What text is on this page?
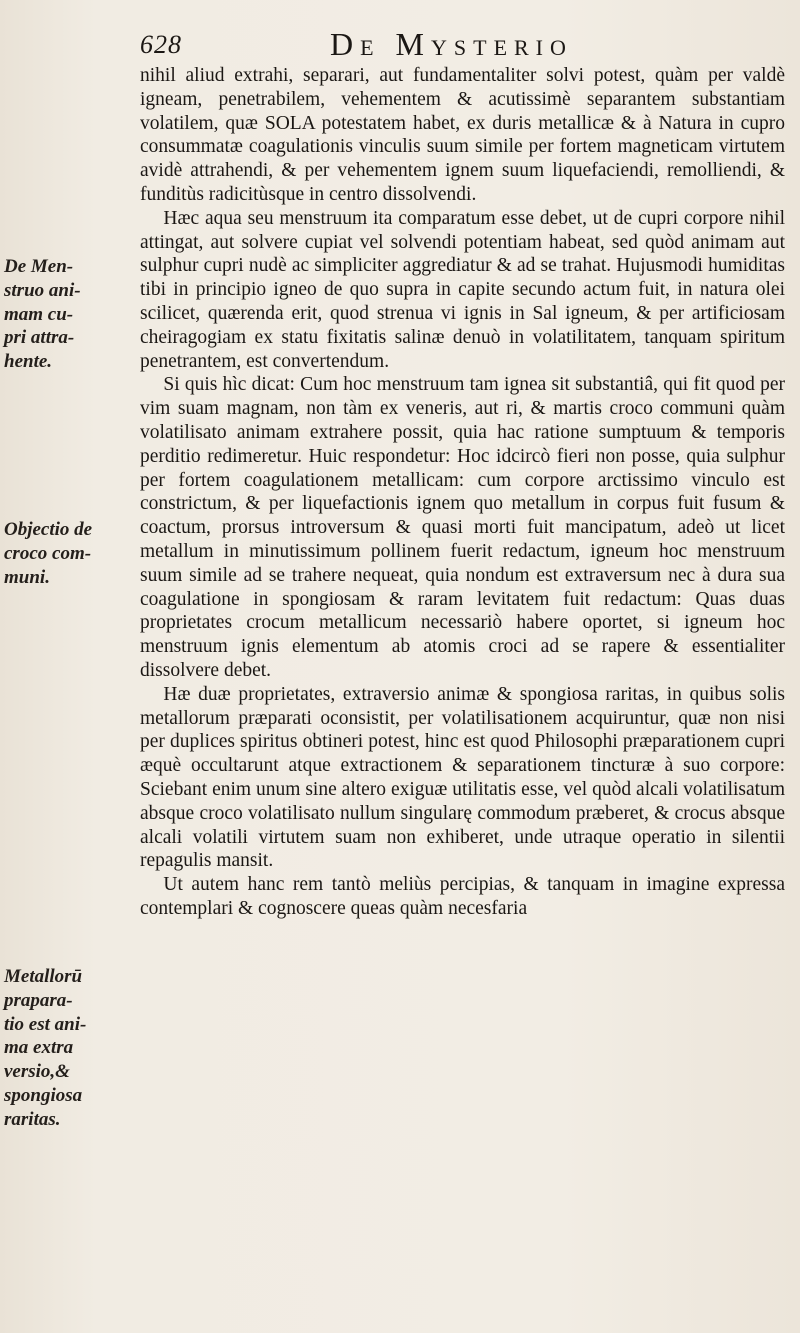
628	De Mysterio
De Men-
struo ani-
mam cu-
pri attra-
hente.
Objectio de
croco com-
muni.
Metallorū
prapara-
tio est ani-
ma extra
versio,&
spongiosa
raritas.

nihil aliud extrahi, separari, aut fundamentaliter solvi potest, quàm per valdè igneam, penetrabilem, vehementem & acutissimè separantem substantiam volatilem, quæ SOLA potestatem habet, ex duris metallicæ & à Natura in cupro consummatæ coagulationis vinculis suum simile per fortem magneticam virtutem avidè attrahendi, & per vehementem ignem suum liquefaciendi, remolliendi, & funditùs radicitùsque in centro dissolvendi.

Hæc aqua seu menstruum ita comparatum esse debet, ut de cupri corpore nihil attingat, aut solvere cupiat vel solvendi potentiam habeat, sed quòd animam aut sulphur cupri nudè ac simpliciter aggrediatur & ad se trahat. Hujusmodi humiditas tibi in principio igneo de quo supra in capite secundo actum fuit, in natura olei scilicet, quærenda erit, quod strenua vi ignis in Sal igneum, & per artificiosam cheiragogiam ex statu fixitatis salinæ denuò in volatilitatem, tanquam spiritum penetrantem, est convertendum.

Si quis hìc dicat: Cum hoc menstruum tam ignea sit substantiâ, qui fit quod per vim suam magnam, non tàm ex veneris, aut ri, & martis croco communi quàm volatilisato animam extrahere possit, quia hac ratione sumptuum & temporis perditio redimeretur. Huic respondetur: Hoc idcircò fieri non posse, quia sulphur per fortem coagulationem metallicam: cum corpore arctissimo vinculo est constrictum, & per liquefactionis ignem quo metallum in corpus fuit fusum & coactum, prorsus introversum & quasi morti fuit mancipatum, adeò ut licet metallum in minutissimum pollinem fuerit redactum, igneum hoc menstruum suum simile ad se trahere nequeat, quia nondum est extraversum nec à dura sua coagulatione in spongiosam & raram levitatem fuit redactum: Quas duas proprietates crocum metallicum necessariò habere oportet, si igneum hoc menstruum ignis elementum ab atomis croci ad se rapere & essentialiter dissolvere debet.

Hæ duæ proprietates, extraversio animæ & spongiosa raritas, in quibus solis metallorum præparati oconsistit, per volatilisationem acquiruntur, quæ non nisi per duplices spiritus obtineri potest, hinc est quod Philosophi præparationem cupri æquè occultarunt atque extractionem & separationem tincturæ à suo corpore: Sciebant enim unum sine altero exiguæ utilitatis esse, vel quòd alcali volatilisatum absque croco volatilisato nullum singularę commodum præberet, & crocus absque alcali volatili virtutem suam non exhiberet, unde utraque operatio in silentii repagulis mansit.

Ut autem hanc rem tantò meliùs percipias, & tanquam in imagine expressa contemplari & cognoscere queas quàm necesfaria
